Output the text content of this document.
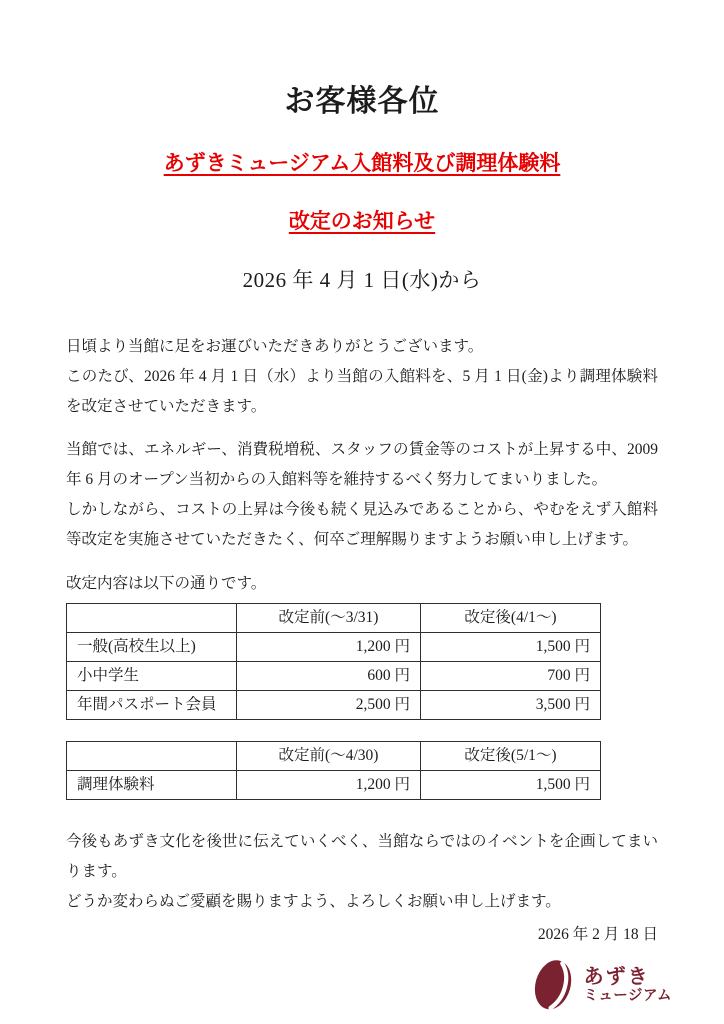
お客様各位
あずきミュージアム入館料及び調理体験料
改定のお知らせ
2026 年 4 月 1 日(水)から
日頃より当館に足をお運びいただきありがとうございます。
このたび、2026 年 4 月 1 日（水）より当館の入館料を、5 月 1 日(金)より調理体験料を改定させていただきます。
当館では、エネルギー、消費税増税、スタッフの賃金等のコストが上昇する中、2009 年 6 月のオープン当初からの入館料等を維持するべく努力してまいりました。
しかしながら、コストの上昇は今後も続く見込みであることから、やむをえず入館料等改定を実施させていただきたく、何卒ご理解賜りますようお願い申し上げます。
改定内容は以下の通りです。
	改定前(～3/31)	改定後(4/1～)
一般(高校生以上)	1,200 円	1,500 円
小中学生	600 円	700 円
年間パスポート会員	2,500 円	3,500 円
	改定前(～4/30)	改定後(5/1～)
調理体験料	1,200 円	1,500 円
今後もあずき文化を後世に伝えていくべく、当館ならではのイベントを企画してまいります。
どうか変わらぬご愛顧を賜りますよう、よろしくお願い申し上げます。
2026 年 2 月 18 日
あずき
ミュージアム
